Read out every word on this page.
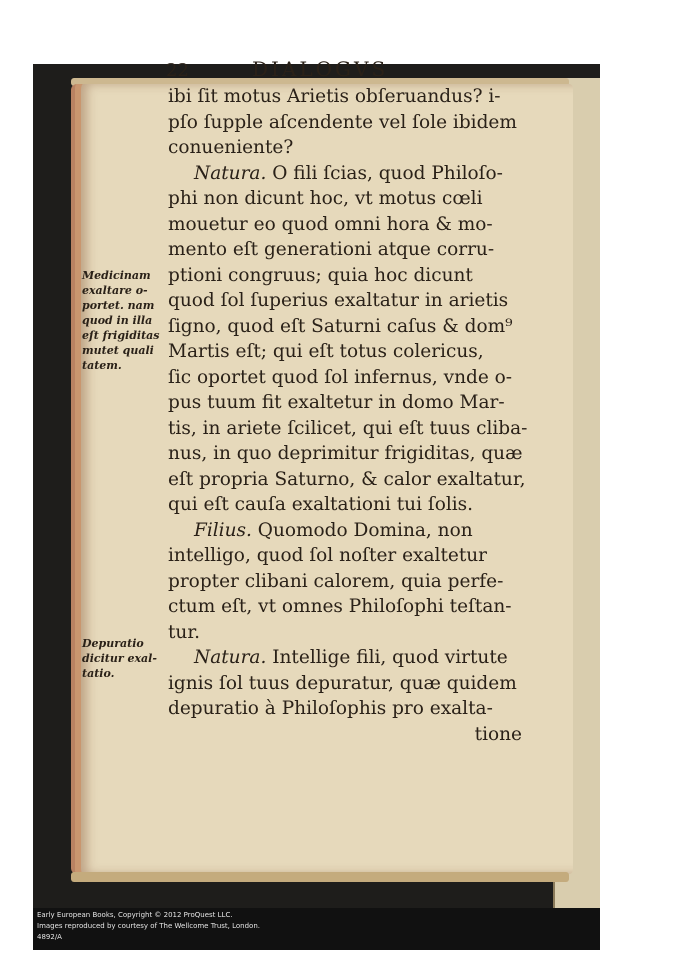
22	DIALOGVS
ibi ſit motus Arietis obſeruandus? i-
pſo ſupple aſcendente vel ſole ibidem
conueniente?
Natura. O fili ſcias, quod Philoſo-
phi non dicunt hoc, vt motus cœli
mouetur eo quod omni hora & mo-
mento eſt generationi atque corru-
ptioni congruus; quia hoc dicunt
quod ſol ſuperius exaltatur in arietis
ſigno, quod eſt Saturni caſus & dom⁹
Martis eſt; qui eſt totus colericus,
ſic oportet quod ſol infernus, vnde o-
pus tuum fit exaltetur in domo Mar-
tis, in ariete ſcilicet, qui eſt tuus cliba-
nus, in quo deprimitur frigiditas, quæ
eſt propria Saturno, & calor exaltatur,
qui eſt cauſa exaltationi tui ſolis.
Filius. Quomodo Domina, non
intelligo, quod ſol noſter exaltetur
propter clibani calorem, quia perfe-
ctum eſt, vt omnes Philoſophi teſtan-
tur.
Natura. Intellige fili, quod virtute
ignis ſol tuus depuratur, quæ quidem
depuratio à Philoſophis pro exalta-
tione
Medicinam
exaltare o-
portet. nam
quod in illa
eſt frigiditas
mutet quali
tatem.
Depuratio
dicitur exal-
tatio.
Early European Books, Copyright © 2012 ProQuest LLC.
Images reproduced by courtesy of The Wellcome Trust, London.
4892/A
